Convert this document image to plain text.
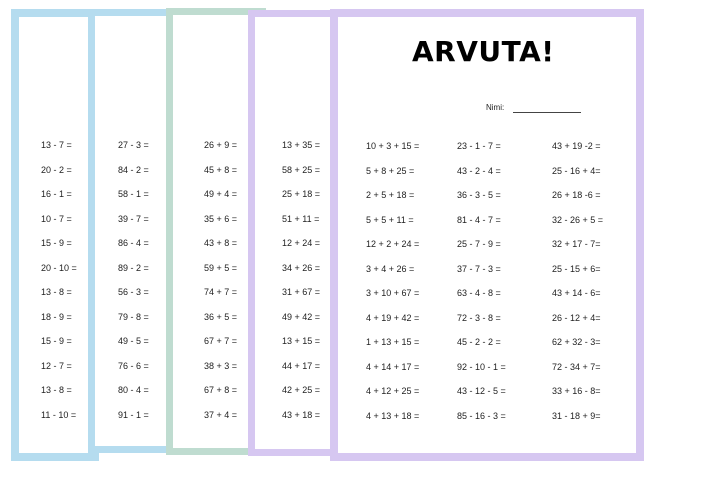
13 - 7 =
20 - 2 =
16 - 1 =
10 - 7 =
15 - 9 =
20 - 10 =
13 - 8 =
18 - 9 =
15 - 9 =
12 - 7 =
13 - 8 =
11 - 10 =
27 - 3 =
84 - 2 =
58 - 1 =
39 - 7 =
86 - 4 =
89 - 2 =
56 - 3 =
79 - 8 =
49 - 5 =
76 - 6 =
80 - 4 =
91 - 1 =
26 + 9 =
45 + 8 =
49 + 4 =
35 + 6 =
43 + 8 =
59 + 5 =
74 + 7 =
36 + 5 =
67 + 7 =
38 + 3 =
67 + 8 =
37 + 4 =
13 + 35 =
58 + 25 =
25 + 18 =
51 + 11 =
12 + 24 =
34 + 26 =
31 + 67 =
49 + 42 =
13 + 15 =
44 + 17 =
42 + 25 =
43 + 18 =
ARVUTA!
Nimi:
10 + 3 + 15 =
5 + 8 + 25 =
2 + 5 + 18 =
5 + 5 + 11 =
12 + 2 + 24 =
3 + 4 + 26 =
3 + 10 + 67 =
4 + 19 + 42 =
1 + 13 + 15 =
4 + 14 + 17 =
4 + 12 + 25 =
4 + 13 + 18 =
23 - 1 - 7 =
43 - 2 - 4 =
36 - 3 - 5 =
81 - 4 - 7 =
25 - 7 - 9 =
37 - 7 - 3 =
63 - 4 - 8 =
72 - 3 - 8 =
45 - 2 - 2 =
92 - 10 - 1 =
43 - 12 - 5 =
85 - 16 - 3 =
43 + 19 -2 =
25 - 16 + 4=
26 + 18 -6 =
32 - 26 + 5 =
32 + 17 - 7=
25 - 15 + 6=
43 + 14 - 6=
26 - 12 + 4=
62 + 32 - 3=
72 - 34 + 7=
33 + 16 - 8=
31 - 18 + 9=
